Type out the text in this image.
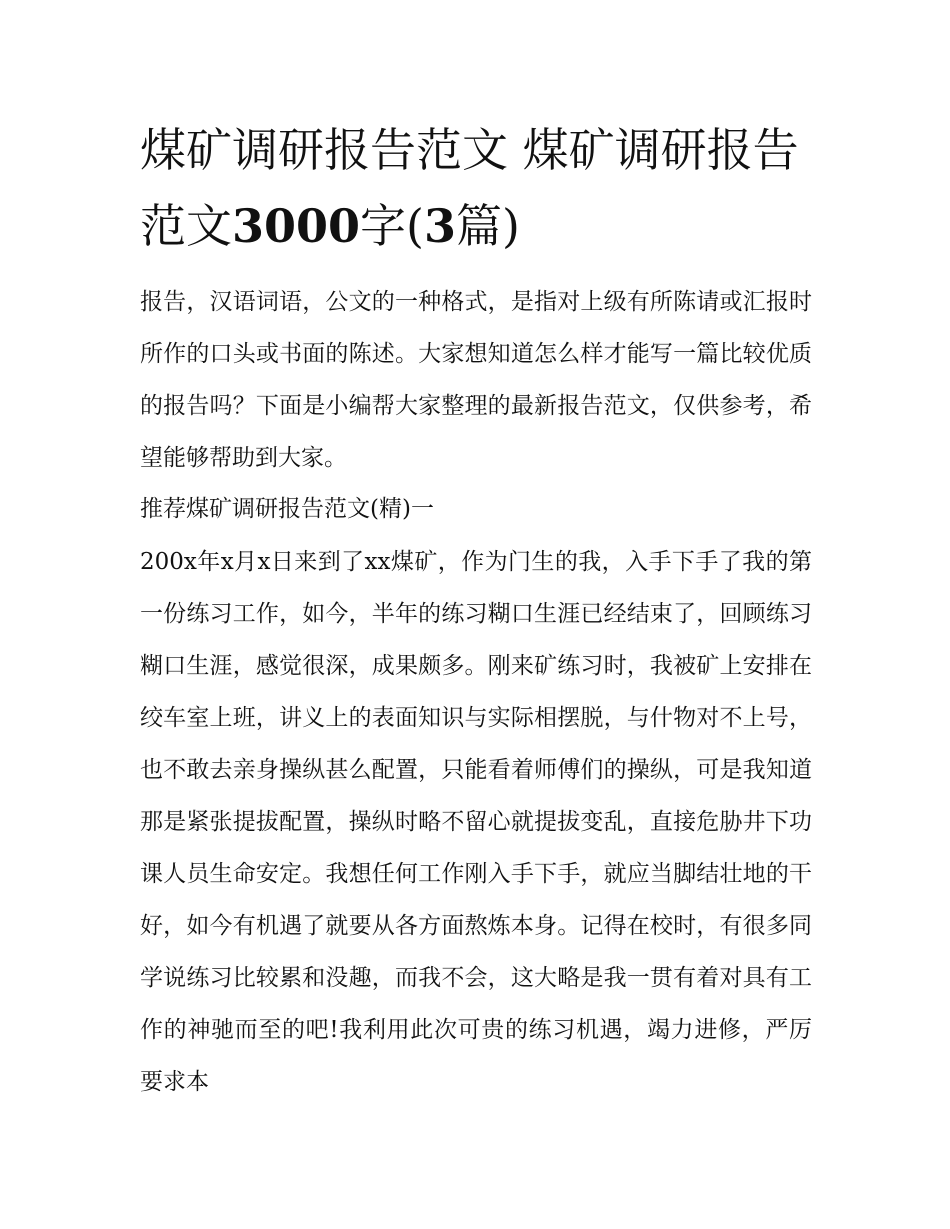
煤矿调研报告范文 煤矿调研报告范文3000字(3篇)

报告，汉语词语，公文的一种格式，是指对上级有所陈请或汇报时所作的口头或书面的陈述。大家想知道怎么样才能写一篇比较优质的报告吗？下面是小编帮大家整理的最新报告范文，仅供参考，希望能够帮助到大家。

推荐煤矿调研报告范文(精)一

200x年x月x日来到了xx煤矿，作为门生的我，入手下手了我的第一份练习工作，如今，半年的练习糊口生涯已经结束了，回顾练习糊口生涯，感觉很深，成果颇多。刚来矿练习时，我被矿上安排在绞车室上班，讲义上的表面知识与实际相摆脱，与什物对不上号，也不敢去亲身操纵甚么配置，只能看着师傅们的操纵，可是我知道那是紧张提拔配置，操纵时略不留心就提拔变乱，直接危胁井下功课人员生命安定。我想任何工作刚入手下手，就应当脚结壮地的干好，如今有机遇了就要从各方面熬炼本身。记得在校时，有很多同学说练习比较累和没趣，而我不会，这大略是我一贯有着对具有工作的神驰而至的吧!我利用此次可贵的练习机遇，竭力进修，严厉要求本
